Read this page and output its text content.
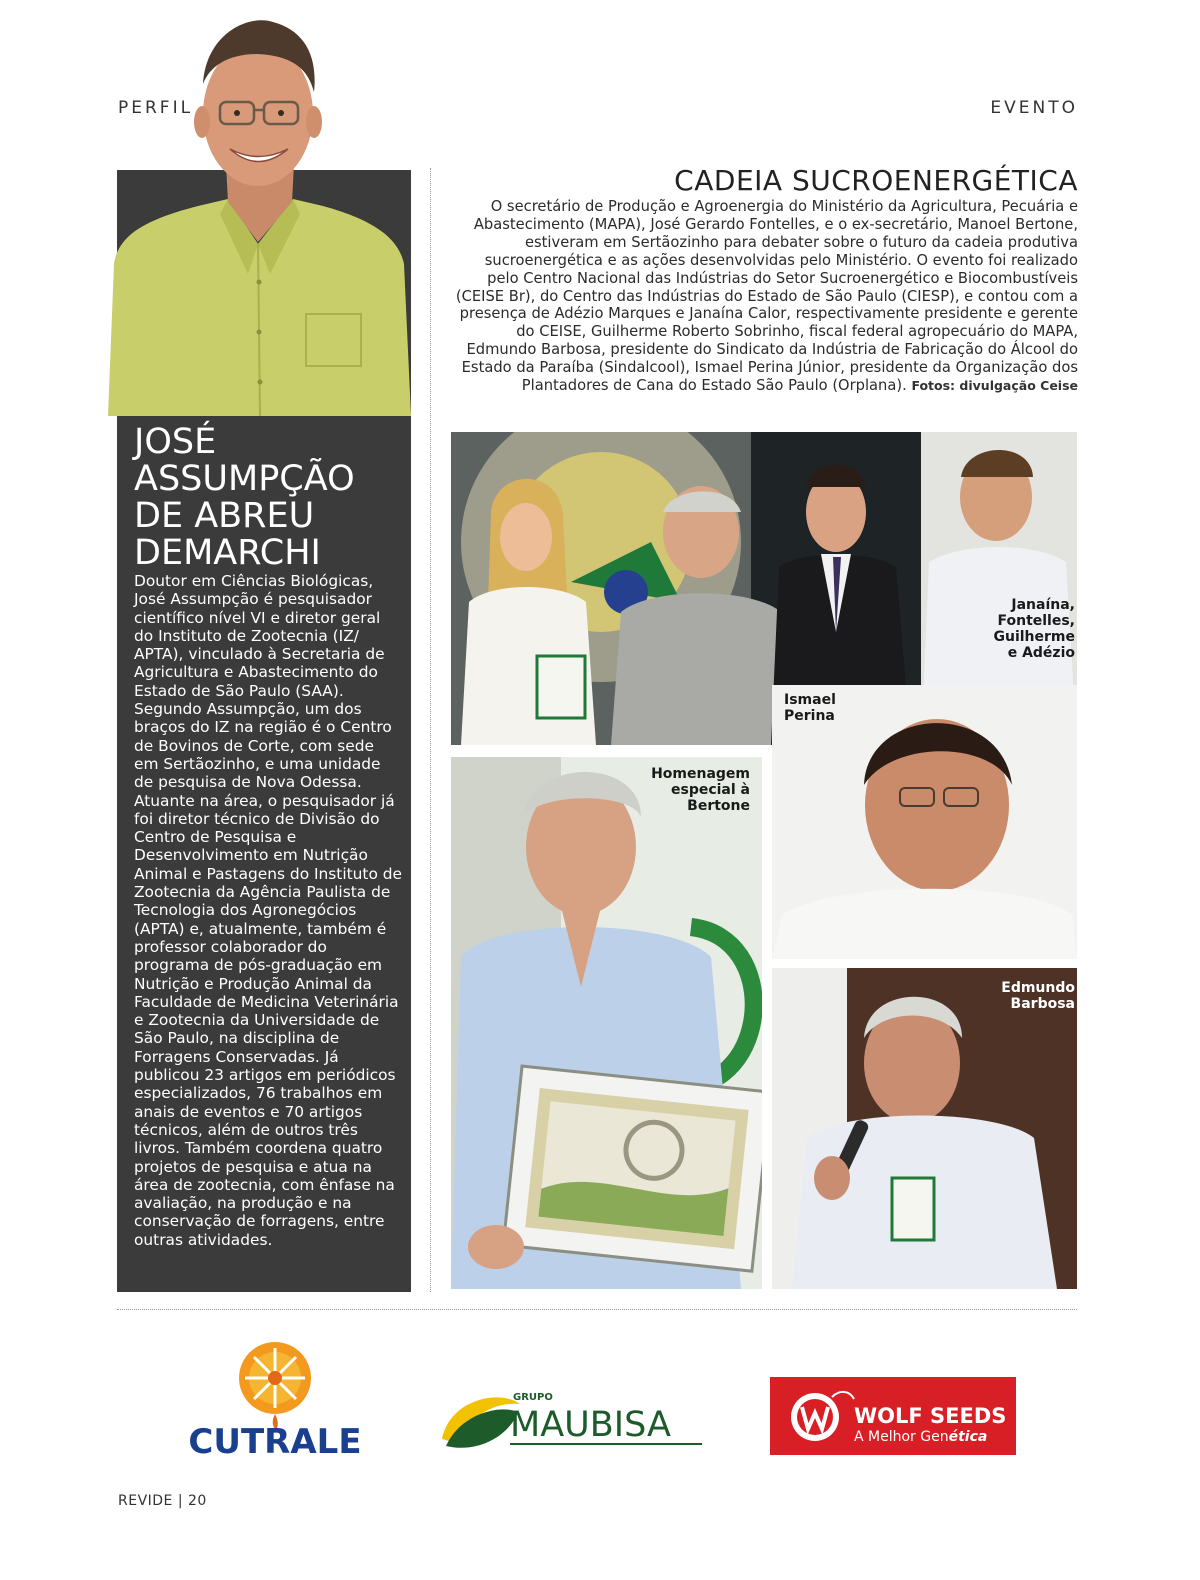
PERFIL	EVENTO
JOSÉ ASSUMPÇÃO DE ABREU DEMARCHI
Doutor em Ciências Biológicas, José Assumpção é pesquisador científico nível VI e diretor geral do Instituto de Zootecnia (IZ/ APTA), vinculado à Secretaria de Agricultura e Abastecimento do Estado de São Paulo (SAA). Segundo Assumpção, um dos braços do IZ na região é o Centro de Bovinos de Corte, com sede em Sertãozinho, e uma unidade de pesquisa de Nova Odessa. Atuante na área, o pesquisador já foi diretor técnico de Divisão do Centro de Pesquisa e Desenvolvimento em Nutrição Animal e Pastagens do Instituto de Zootecnia da Agência Paulista de Tecnologia dos Agronegócios (APTA) e, atualmente, também é professor colaborador do programa de pós-graduação em Nutrição e Produção Animal da Faculdade de Medicina Veterinária e Zootecnia da Universidade de São Paulo, na disciplina de Forragens Conservadas. Já publicou 23 artigos em periódicos especializados, 76 trabalhos em anais de eventos e 70 artigos técnicos, além de outros três livros. Também coordena quatro projetos de pesquisa e atua na área de zootecnia, com ênfase na avaliação, na produção e na conservação de forragens, entre outras atividades.
CADEIA SUCROENERGÉTICA
O secretário de Produção e Agroenergia do Ministério da Agricultura, Pecuária e Abastecimento (MAPA), José Gerardo Fontelles, e o ex-secretário, Manoel Bertone, estiveram em Sertãozinho para debater sobre o futuro da cadeia produtiva sucroenergética e as ações desenvolvidas pelo Ministério. O evento foi realizado pelo Centro Nacional das Indústrias do Setor Sucroenergético e Biocombustíveis (CEISE Br), do Centro das Indústrias do Estado de São Paulo (CIESP), e contou com a presença de Adézio Marques e Janaína Calor, respectivamente presidente e gerente do CEISE, Guilherme Roberto Sobrinho, fiscal federal agropecuário do MAPA, Edmundo Barbosa, presidente do Sindicato da Indústria de Fabricação do Álcool do Estado da Paraíba (Sindalcool), Ismael Perina Júnior, presidente da Organização dos Plantadores de Cana do Estado São Paulo (Orplana). Fotos: divulgação Ceise
Janaína,
Fontelles,
Guilherme
e Adézio
Homenagem
especial à
Bertone
Ismael
Perina
Edmundo
Barbosa
CUTRALE
GRUPO
MAUBISA	WOLF SEEDS
A Melhor Genética
REVIDE | 20
